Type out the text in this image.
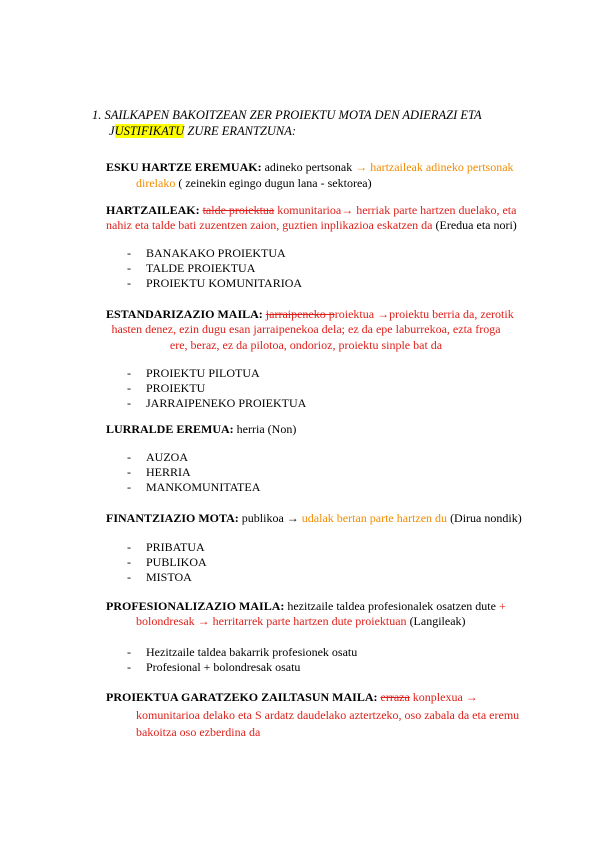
1. SAILKAPEN BAKOITZEAN ZER PROIEKTU MOTA DEN ADIERAZI ETA
JUSTIFIKATU ZURE ERANTZUNA:
ESKU HARTZE EREMUAK: adineko pertsonak → hartzaileak adineko pertsonak
direlako ( zeinekin egingo dugun lana - sektorea)
HARTZAILEAK: talde proiektua komunitarioa→ herriak parte hartzen duelako, eta
nahiz eta talde bati zuzentzen zaion, guztien inplikazioa eskatzen da (Eredua eta nori)
- BANAKAKO PROIEKTUA
- TALDE PROIEKTUA
- PROIEKTU KOMUNITARIOA
ESTANDARIZAZIO MAILA: jarraipeneko proiektua →proiektu berria da, zerotik
hasten denez, ezin dugu esan jarraipenekoa dela; ez da epe laburrekoa, ezta froga
ere, beraz, ez da pilotoa, ondorioz, proiektu sinple bat da
- PROIEKTU PILOTUA
- PROIEKTU
- JARRAIPENEKO PROIEKTUA
LURRALDE EREMUA: herria (Non)
- AUZOA
- HERRIA
- MANKOMUNITATEA
FINANTZIAZIO MOTA: publikoa → udalak bertan parte hartzen du (Dirua nondik)
- PRIBATUA
- PUBLIKOA
- MISTOA
PROFESIONALIZAZIO MAILA: hezitzaile taldea profesionalek osatzen dute +
bolondresak → herritarrek parte hartzen dute proiektuan (Langileak)
- Hezitzaile taldea bakarrik profesionek osatu
- Profesional + bolondresak osatu
PROIEKTUA GARATZEKO ZAILTASUN MAILA: erraza konplexua →
komunitarioa delako eta S ardatz daudelako aztertzeko, oso zabala da eta eremu
bakoitza oso ezberdina da
